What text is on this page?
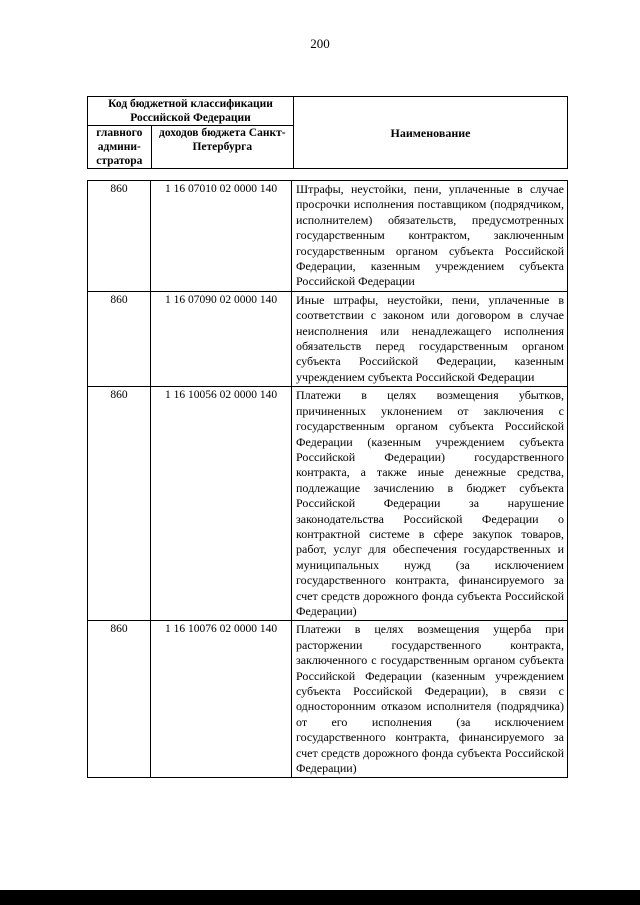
200
Код бюджетной классификации Российской Федерации		Наименование
главного админи-стратора	доходов бюджета Санкт-Петербурга	
860	1 16 07010 02 0000 140	Штрафы, неустойки, пени, уплаченные в случае просрочки исполнения поставщиком (подрядчиком, исполнителем) обязательств, предусмотренных государственным контрактом, заключенным государственным органом субъекта Российской Федерации, казенным учреждением субъекта Российской Федерации
860	1 16 07090 02 0000 140	Иные штрафы, неустойки, пени, уплаченные в соответствии с законом или договором в случае неисполнения или ненадлежащего исполнения обязательств перед государственным органом субъекта Российской Федерации, казенным учреждением субъекта Российской Федерации
860	1 16 10056 02 0000 140	Платежи в целях возмещения убытков, причиненных уклонением от заключения с государственным органом субъекта Российской Федерации (казенным учреждением субъекта Российской Федерации) государственного контракта, а также иные денежные средства, подлежащие зачислению в бюджет субъекта Российской Федерации за нарушение законодательства Российской Федерации о контрактной системе в сфере закупок товаров, работ, услуг для обеспечения государственных и муниципальных нужд (за исключением государственного контракта, финансируемого за счет средств дорожного фонда субъекта Российской Федерации)
860	1 16 10076 02 0000 140	Платежи в целях возмещения ущерба при расторжении государственного контракта, заключенного с государственным органом субъекта Российской Федерации (казенным учреждением субъекта Российской Федерации), в связи с односторонним отказом исполнителя (подрядчика) от его исполнения (за исключением государственного контракта, финансируемого за счет средств дорожного фонда субъекта Российской Федерации)
